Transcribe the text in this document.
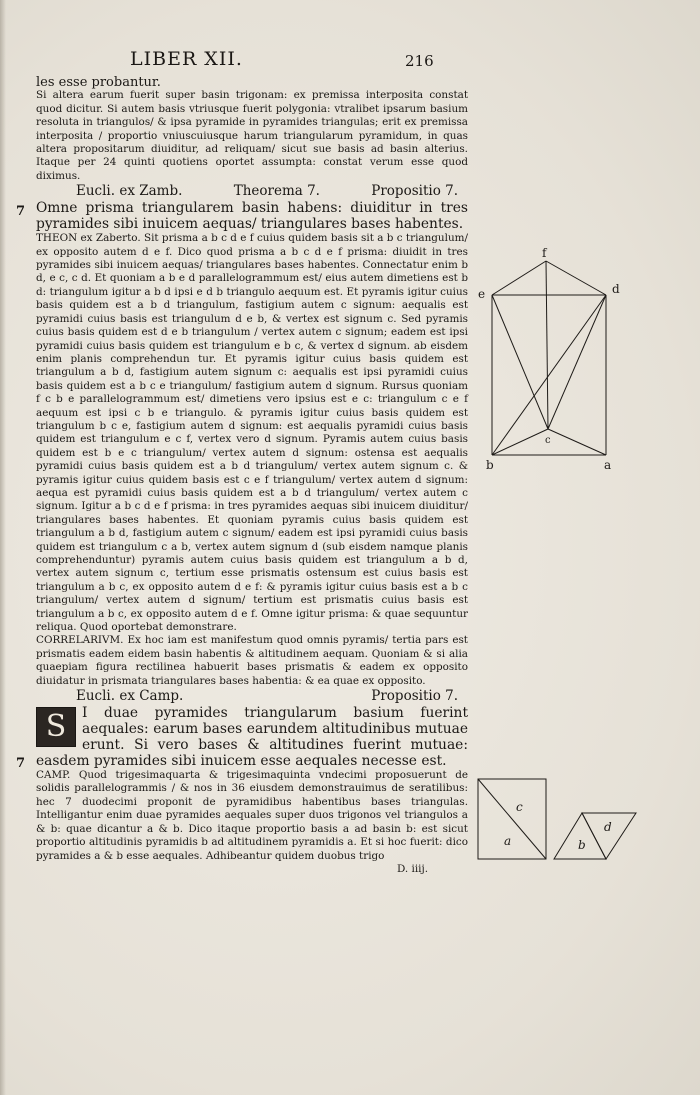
LIBER XII.	216
7
7

les esse probantur.

Si altera earum fuerit super basin trigonam: ex premissa interposita constat quod dicitur. Si autem basis vtriusque fuerit polygonia: vtralibet ipsarum basium resoluta in triangulos/ & ipsa pyramide in pyramides triangulas; erit ex premissa interposita / proportio vniuscuiusque harum triangularum pyramidum, in quas altera propositarum diuiditur, ad reliquam/ sicut sue basis ad basin alterius. Itaque per 24 quinti quotiens oportet assumpta: constat verum esse quod diximus.

Eucli. ex Zamb.	Theorema 7.	Propositio 7.

Omne prisma triangularem basin habens: diuiditur in tres pyramides sibi inuicem aequas/ triangulares bases habentes.

THEON ex Zaberto. Sit prisma a b c d e f cuius quidem basis sit a b c triangulum/ ex opposito autem d e f. Dico quod prisma a b c d e f prisma: diuidit in tres pyramides sibi inuicem aequas/ triangulares bases habentes. Connectatur enim b d, e c, c d. Et quoniam a b e d parallelogrammum est/ eius autem dimetiens est b d: triangulum igitur a b d ipsi e d b triangulo aequum est. Et pyramis igitur cuius basis quidem est a b d triangulum, fastigium autem c signum: aequalis est pyramidi cuius basis est triangulum d e b, & vertex est signum c. Sed pyramis cuius basis quidem est d e b triangulum / vertex autem c signum; eadem est ipsi pyramidi cuius basis quidem est triangulum e b c, & vertex d signum. ab eisdem enim planis comprehendun tur. Et pyramis igitur cuius basis quidem est triangulum a b d, fastigium autem signum c: aequalis est ipsi pyramidi cuius basis quidem est a b c e triangulum/ fastigium autem d signum. Rursus quoniam f c b e parallelogrammum est/ dimetiens vero ipsius est e c: triangulum c e f aequum est ipsi c b e triangulo. & pyramis igitur cuius basis quidem est triangulum b c e, fastigium autem d signum: est aequalis pyramidi cuius basis quidem est triangulum e c f, vertex vero d signum. Pyramis autem cuius basis quidem est b e c triangulum/ vertex autem d signum: ostensa est aequalis pyramidi cuius basis quidem est a b d triangulum/ vertex autem signum c. & pyramis igitur cuius quidem basis est c e f triangulum/ vertex autem d signum: aequa est pyramidi cuius basis quidem est a b d triangulum/ vertex autem c signum. Igitur a b c d e f prisma: in tres pyramides aequas sibi inuicem diuiditur/ triangulares bases habentes. Et quoniam pyramis cuius basis quidem est triangulum a b d, fastigium autem c signum/ eadem est ipsi pyramidi cuius basis quidem est triangulum c a b, vertex autem signum d (sub eisdem namque planis comprehenduntur) pyramis autem cuius basis quidem est triangulum a b d, vertex autem signum c, tertium esse prismatis ostensum est cuius basis est triangulum a b c, ex opposito autem d e f: & pyramis igitur cuius basis est a b c triangulum/ vertex autem d signum/ tertium est prismatis cuius basis est triangulum a b c, ex opposito autem d e f. Omne igitur prisma: & quae sequuntur reliqua. Quod oportebat demonstrare.

CORRELARIVM. Ex hoc iam est manifestum quod omnis pyramis/ tertia pars est prismatis eadem eidem basin habentis & altitudinem aequam. Quoniam & si alia quaepiam figura rectilinea habuerit bases prismatis & eadem ex opposito diuidatur in prismata triangulares bases habentia: & ea quae ex opposito.

Eucli. ex Camp.	Propositio 7.
S	I duae pyramides triangularum basium fuerint aequales: earum bases earundem altitudinibus mutuae erunt. Si vero bases & altitudines fuerint mutuae: easdem pyramides sibi inuicem esse aequales necesse est.

CAMP. Quod trigesimaquarta & trigesimaquinta vndecimi proposuerunt de solidis parallelogrammis / & nos in 36 eiusdem demonstrauimus de seratilibus: hec 7 duodecimi proponit de pyramidibus habentibus bases triangulas. Intelligantur enim duae pyramides aequales super duos trigonos vel triangulos a & b: quae dicantur a & b. Dico itaque proportio basis a ad basin b: est sicut proportio altitudinis pyramidis b ad altitudinem pyramidis a. Et si hoc fuerit: dico pyramides a & b esse aequales. Adhibeantur quidem duobus trigo

D. iiij.
f
e	d
c
b	a
c
a
d
b
